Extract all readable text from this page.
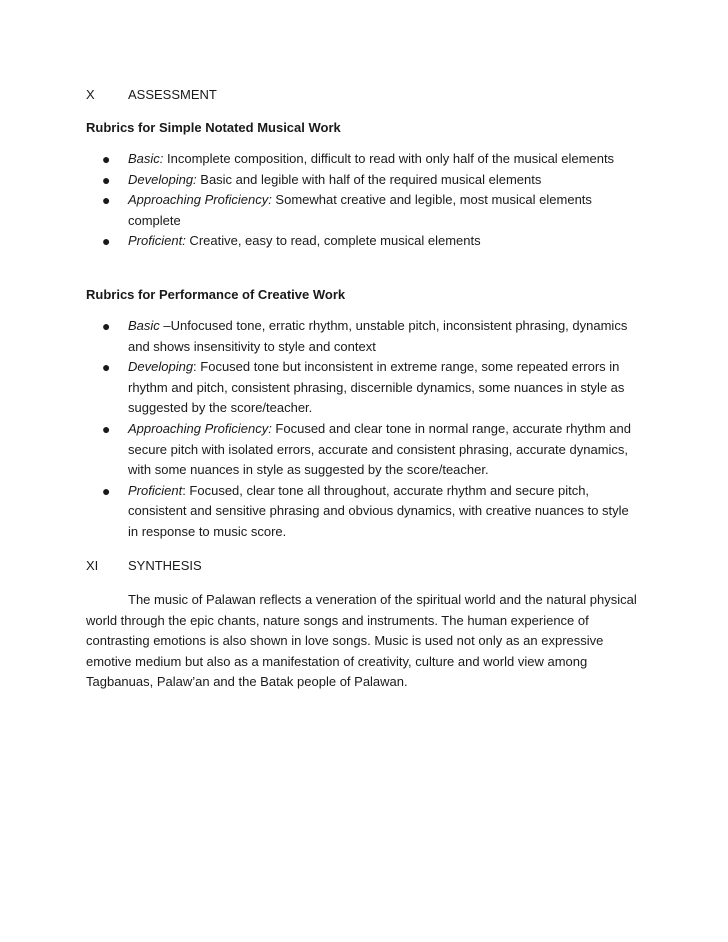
X	ASSESSMENT
Rubrics for Simple Notated Musical Work
●	Basic: Incomplete composition, difficult to read with only half of the musical elements
●	Developing: Basic and legible with half of the required musical elements
●	Approaching Proficiency: Somewhat creative and legible, most musical elements complete
●	Proficient: Creative, easy to read, complete musical elements
Rubrics for Performance of Creative Work
●	Basic –Unfocused tone, erratic rhythm, unstable pitch, inconsistent phrasing, dynamics and shows insensitivity to style and context
●	Developing: Focused tone but inconsistent in extreme range, some repeated errors in rhythm and pitch, consistent phrasing, discernible dynamics, some nuances in style as suggested by the score/teacher.
●	Approaching Proficiency: Focused and clear tone in normal range, accurate rhythm and secure pitch with isolated errors, accurate and consistent phrasing, accurate dynamics, with some nuances in style as suggested by the score/teacher.
●	Proficient: Focused, clear tone all throughout, accurate rhythm and secure pitch, consistent and sensitive phrasing and obvious dynamics, with creative nuances to style in response to music score.
XI SYNTHESIS

The music of Palawan reflects a veneration of the spiritual world and the natural physical world through the epic chants, nature songs and instruments. The human experience of contrasting emotions is also shown in love songs. Music is used not only as an expressive emotive medium but also as a manifestation of creativity, culture and world view among Tagbanuas, Palaw’an and the Batak people of Palawan.
